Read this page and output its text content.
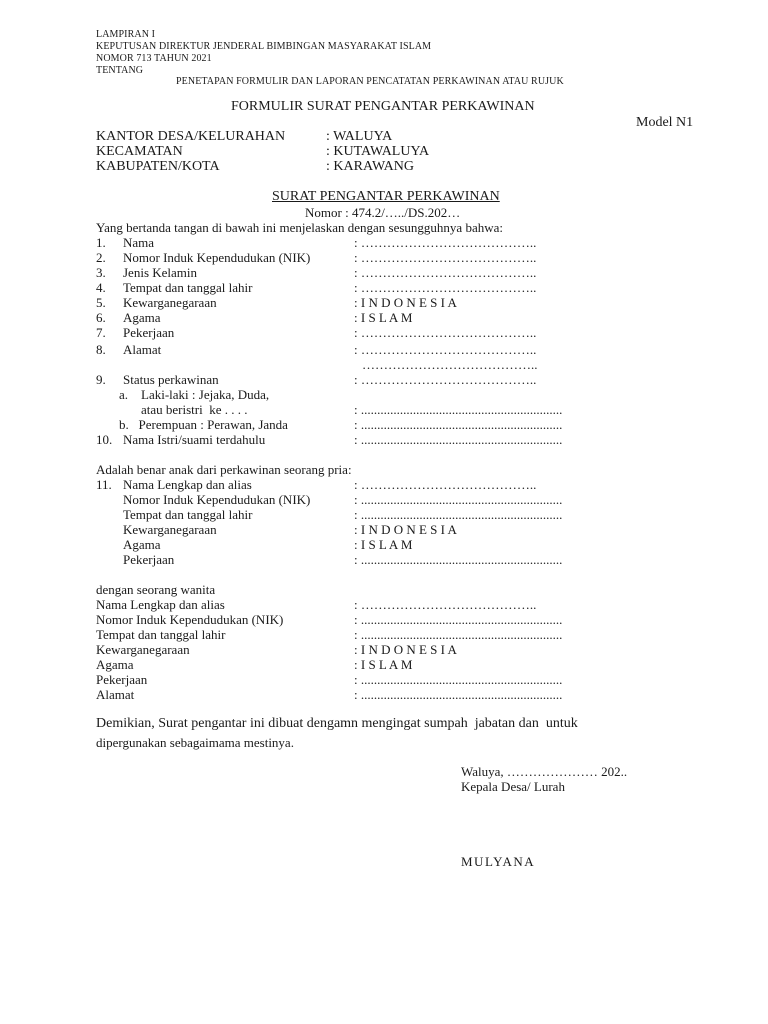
LAMPIRAN I
KEPUTUSAN DIREKTUR JENDERAL BIMBINGAN MASYARAKAT ISLAM
NOMOR 713 TAHUN 2021
TENTANG
PENETAPAN FORMULIR DAN LAPORAN PENCATATAN PERKAWINAN ATAU RUJUK
FORMULIR SURAT PENGANTAR PERKAWINAN
Model N1
KANTOR DESA/KELURAHAN	: WALUYA
KECAMATAN	: KUTAWALUYA
KABUPATEN/KOTA	: KARAWANG
SURAT PENGANTAR PERKAWINAN
Nomor : 474.2/…../DS.202…
Yang bertanda tangan di bawah ini menjelaskan dengan sesungguhnya bahwa:
1. Nama	: …………………………………..
2. Nomor Induk Kependudukan (NIK)	: …………………………………..
3. Jenis Kelamin	: …………………………………..
4. Tempat dan tanggal lahir	: …………………………………..
5. Kewarganegaraan	: I N D O N E S I A
6. Agama	: I S L A M
7. Pekerjaan	: …………………………………..
8. Alamat	: …………………………………..
…………………………………..
9. Status perkawinan	: …………………………………..
a.    Laki-laki : Jejaka, Duda,
atau beristri  ke . . . .	: ..............................................................
b.   Perempuan : Perawan, Janda	: ..............................................................
10. Nama Istri/suami terdahulu	: ..............................................................
Adalah benar anak dari perkawinan seorang pria:
11. Nama Lengkap dan alias	: …………………………………..
Nomor Induk Kependudukan (NIK)	: ..............................................................
Tempat dan tanggal lahir	: ..............................................................
Kewarganegaraan	: I N D O N E S I A
Agama	: I S L A M
Pekerjaan	: ..............................................................
dengan seorang wanita
Nama Lengkap dan alias	: …………………………………..
Nomor Induk Kependudukan (NIK)	: ..............................................................
Tempat dan tanggal lahir	: ..............................................................
Kewarganegaraan	: I N D O N E S I A
Agama	: I S L A M
Pekerjaan	: ..............................................................
Alamat	: ..............................................................
Demikian, Surat pengantar ini dibuat dengamn mengingat sumpah  jabatan dan  untuk
dipergunakan sebagaimama mestinya.
Waluya, ………………… 202..
Kepala Desa/ Lurah
MULYANA
